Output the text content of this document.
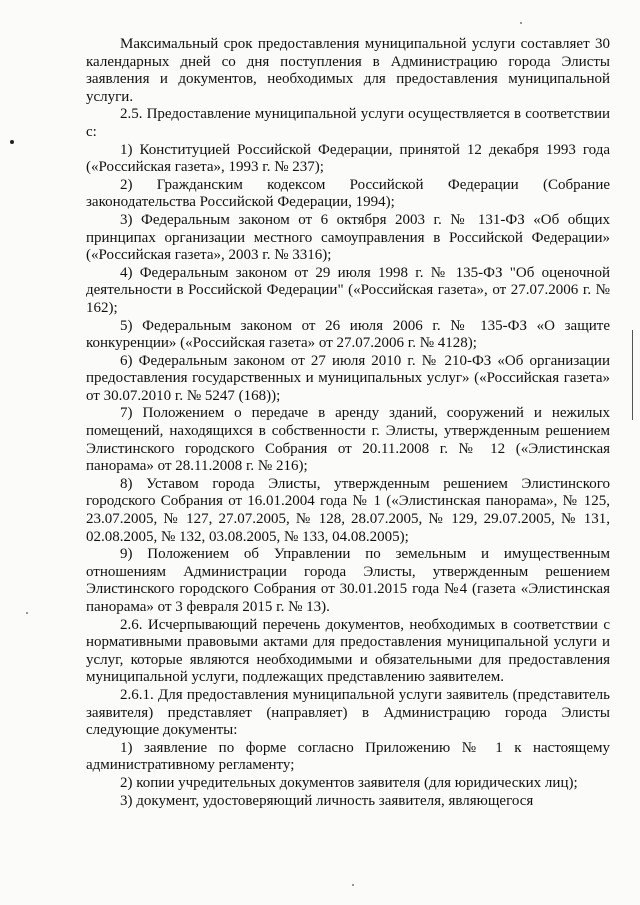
Максимальный срок предоставления муниципальной услуги составляет 30 календарных дней со дня поступления в Администрацию города Элисты заявления и документов, необходимых для предоставления муниципальной услуги.

2.5. Предоставление муниципальной услуги осуществляется в соответствии с:

1) Конституцией Российской Федерации, принятой 12 декабря 1993 года («Российская газета», 1993 г. № 237);

2) Гражданским кодексом Российской Федерации (Собрание законодательства Российской Федерации, 1994);

3) Федеральным законом от 6 октября 2003 г. № 131-ФЗ «Об общих принципах организации местного самоуправления в Российской Федерации» («Российская газета», 2003 г. № 3316);

4) Федеральным законом от 29 июля 1998 г. № 135-ФЗ "Об оценочной деятельности в Российской Федерации" («Российская газета», от 27.07.2006 г. № 162);

5) Федеральным законом от 26 июля 2006 г. № 135-ФЗ «О защите конкуренции» («Российская газета» от 27.07.2006 г. № 4128);

6) Федеральным законом от 27 июля 2010 г. № 210-ФЗ «Об организации предоставления государственных и муниципальных услуг» («Российская газета» от 30.07.2010 г. № 5247 (168));

7) Положением о передаче в аренду зданий, сооружений и нежилых помещений, находящихся в собственности г. Элисты, утвержденным решением Элистинского городского Собрания от 20.11.2008 г. № 12 («Элистинская панорама» от 28.11.2008 г. № 216);

8) Уставом города Элисты, утвержденным решением Элистинского городского Собрания от 16.01.2004 года № 1 («Элистинская панорама», № 125, 23.07.2005, № 127, 27.07.2005, № 128, 28.07.2005, № 129, 29.07.2005, № 131, 02.08.2005, № 132, 03.08.2005, № 133, 04.08.2005);

9) Положением об Управлении по земельным и имущественным отношениям Администрации города Элисты, утвержденным решением Элистинского городского Собрания от 30.01.2015 года №4 (газета «Элистинская панорама» от 3 февраля 2015 г. № 13).

2.6. Исчерпывающий перечень документов, необходимых в соответствии с нормативными правовыми актами для предоставления муниципальной услуги и услуг, которые являются необходимыми и обязательными для предоставления муниципальной услуги, подлежащих представлению заявителем.

2.6.1. Для предоставления муниципальной услуги заявитель (представитель заявителя) представляет (направляет) в Администрацию города Элисты следующие документы:

1) заявление по форме согласно Приложению № 1 к настоящему административному регламенту;

2) копии учредительных документов заявителя (для юридических лиц);

3) документ, удостоверяющий личность заявителя, являющегося
